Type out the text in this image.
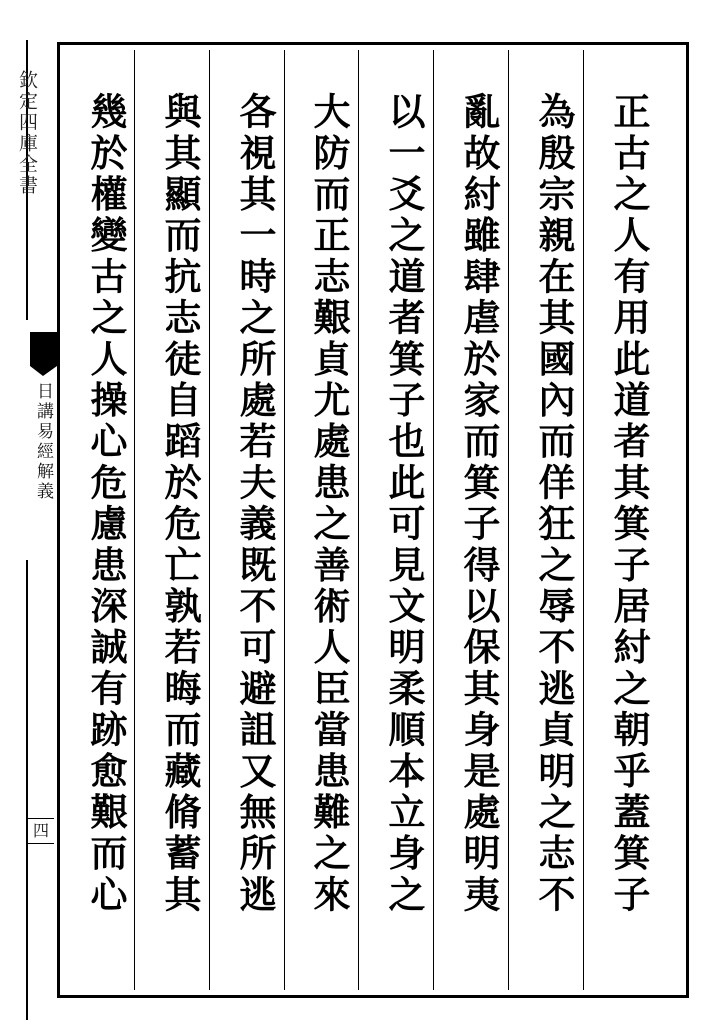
欽定四庫全書
日講易經解義
四	正古之人有用此道者其箕子居紂之朝乎蓋箕子
為殷宗親在其國內而佯狂之辱不逃貞明之志不
亂故紂雖肆虐於家而箕子得以保其身是處明夷
以一爻之道者箕子也此可見文明柔順本立身之
大防而正志艱貞尤處患之善術人臣當患難之來
各視其一時之所處若夫義既不可避詛又無所逃
與其顯而抗志徒自蹈於危亡孰若晦而藏脩蓄其
幾於權變古之人操心危慮患深誠有跡愈艱而心
